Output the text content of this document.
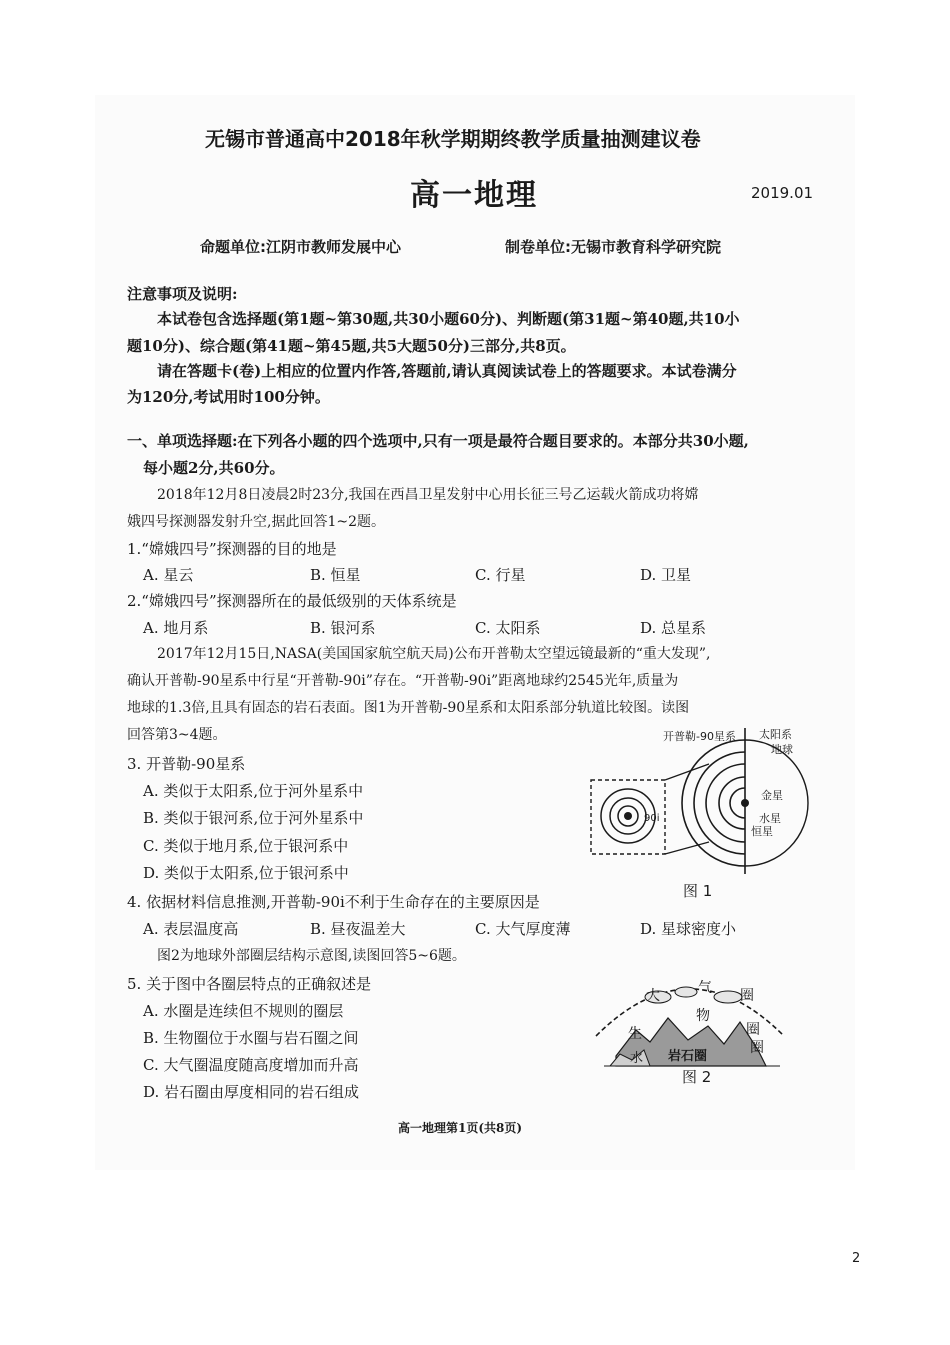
无锡市普通高中2018年秋学期期终教学质量抽测建议卷
高一地理	2019.01
命题单位:江阴市教师发展中心	制卷单位:无锡市教育科学研究院
注意事项及说明:
本试卷包含选择题(第1题~第30题,共30小题60分)、判断题(第31题~第40题,共10小
题10分)、综合题(第41题~第45题,共5大题50分)三部分,共8页。
请在答题卡(卷)上相应的位置内作答,答题前,请认真阅读试卷上的答题要求。本试卷满分
为120分,考试用时100分钟。
一、单项选择题:在下列各小题的四个选项中,只有一项是最符合题目要求的。本部分共30小题,
每小题2分,共60分。
2018年12月8日凌晨2时23分,我国在西昌卫星发射中心用长征三号乙运载火箭成功将嫦
娥四号探测器发射升空,据此回答1~2题。
1.“嫦娥四号”探测器的目的地是
A. 星云	B. 恒星	C. 行星	D. 卫星
2.“嫦娥四号”探测器所在的最低级别的天体系统是
A. 地月系	B. 银河系	C. 太阳系	D. 总星系
2017年12月15日,NASA(美国国家航空航天局)公布开普勒太空望远镜最新的“重大发现”,
确认开普勒-90星系中行星“开普勒-90i”存在。“开普勒-90i”距离地球约2545光年,质量为
地球的1.3倍,且具有固态的岩石表面。图1为开普勒-90星系和太阳系部分轨道比较图。读图
回答第3~4题。
3. 开普勒-90星系
A. 类似于太阳系,位于河外星系中
B. 类似于银河系,位于河外星系中
C. 类似于地月系,位于银河系中
D. 类似于太阳系,位于银河系中
开普勒-90星系 太阳系
地球
金星
水星
恒星
90i
图 1
4. 依据材料信息推测,开普勒-90i不利于生命存在的主要原因是
A. 表层温度高	B. 昼夜温差大	C. 大气厚度薄	D. 星球密度小
图2为地球外部圈层结构示意图,读图回答5~6题。
5. 关于图中各圈层特点的正确叙述是
A. 水圈是连续但不规则的圈层
B. 生物圈位于水圈与岩石圈之间
C. 大气圈温度随高度增加而升高
D. 岩石圈由厚度相同的岩石组成
大	气 圈
生
物
圈
圈
水 岩石圈
图 2
高一地理第1页(共8页)
2
